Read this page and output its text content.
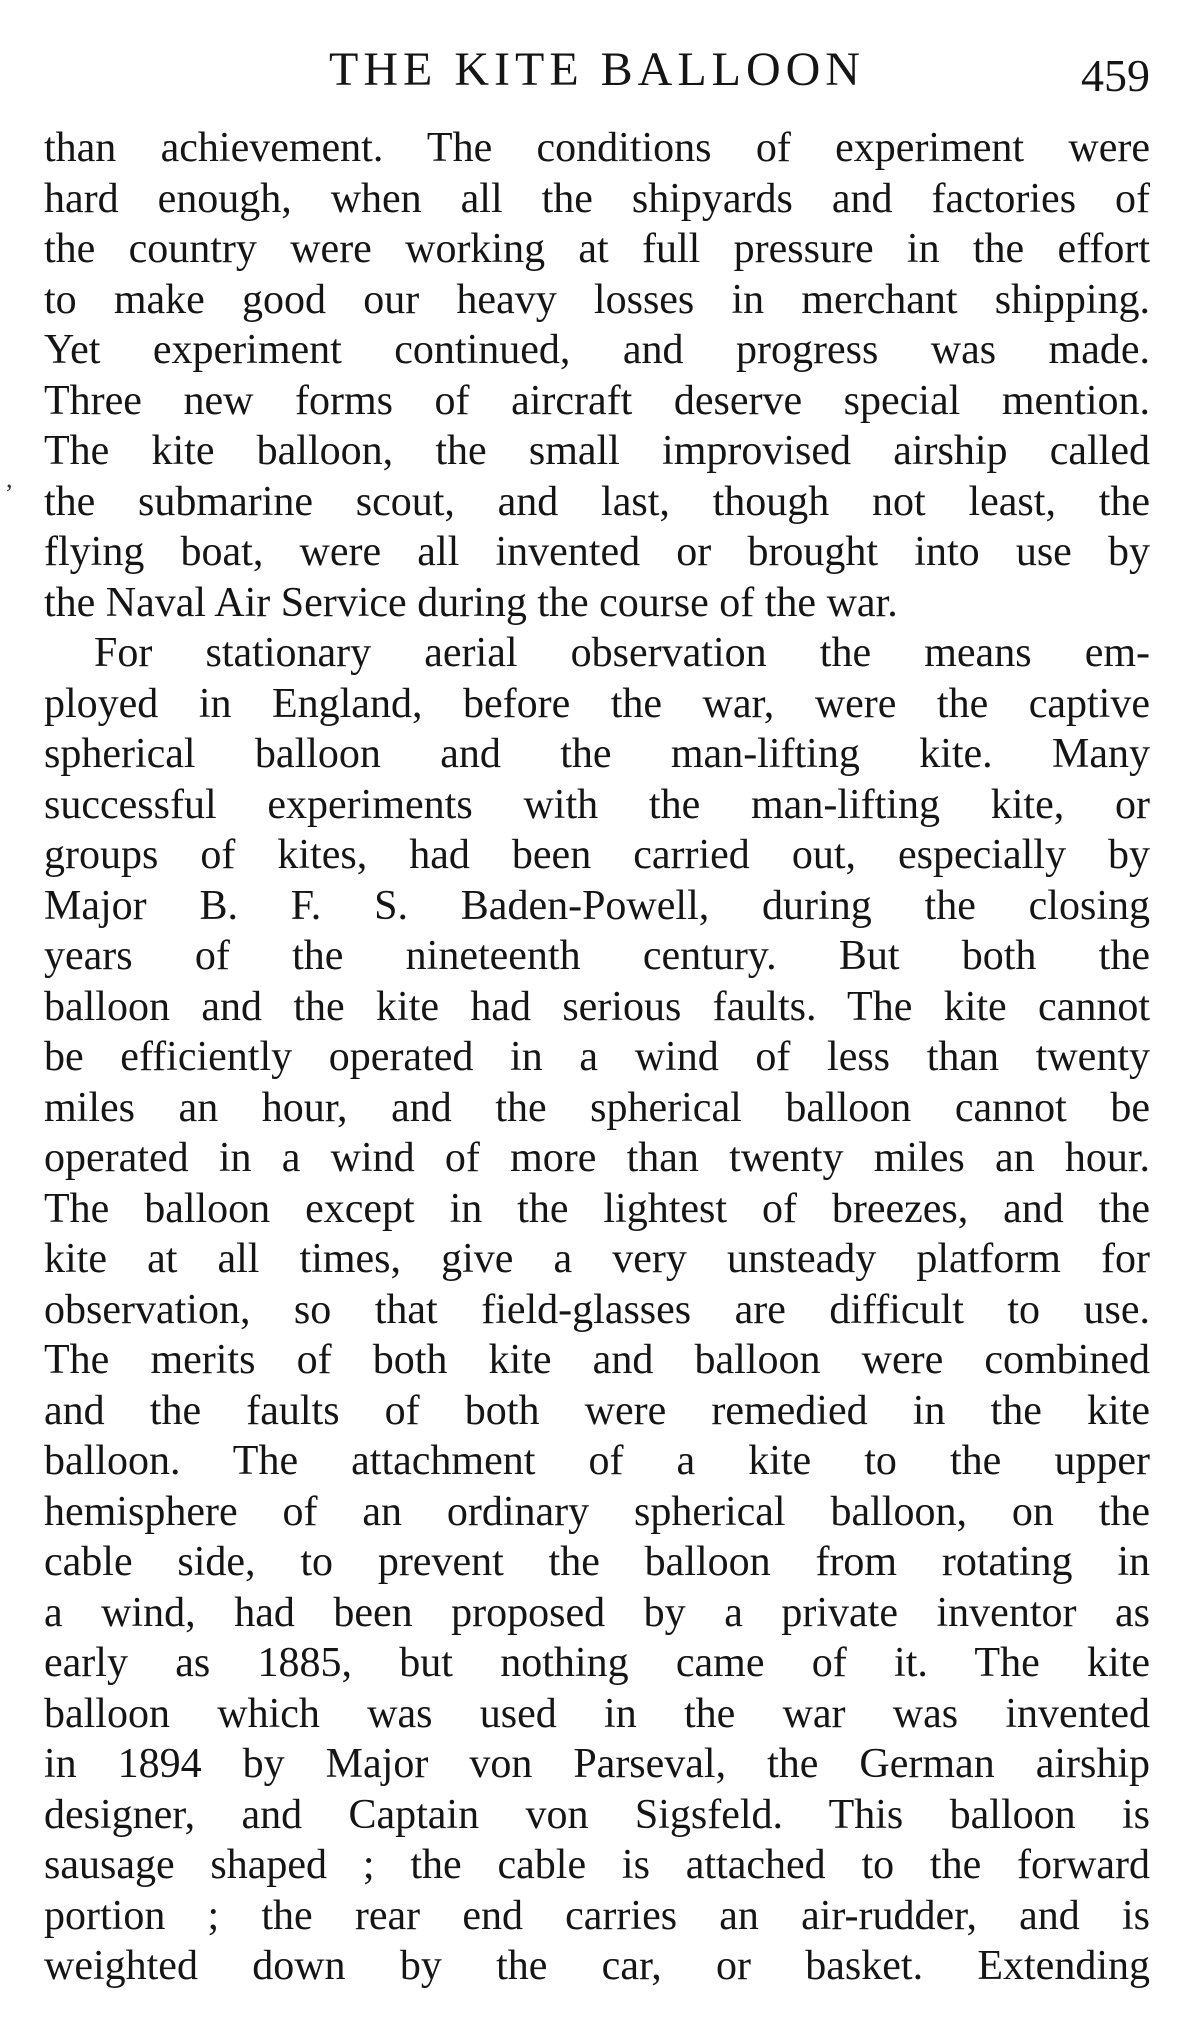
THE KITE BALLOON	459
,
than achievement. The conditions of experiment were
hard enough, when all the shipyards and factories of
the country were working at full pressure in the effort
to make good our heavy losses in merchant shipping.
Yet experiment continued, and progress was made.
Three new forms of aircraft deserve special mention.
The kite balloon, the small improvised airship called
the submarine scout, and last, though not least, the
flying boat, were all invented or brought into use by
the Naval Air Service during the course of the war.
For stationary aerial observation the means em-
ployed in England, before the war, were the captive
spherical balloon and the man-lifting kite. Many
successful experiments with the man-lifting kite, or
groups of kites, had been carried out, especially by
Major B. F. S. Baden-Powell, during the closing
years of the nineteenth century. But both the
balloon and the kite had serious faults. The kite cannot
be efficiently operated in a wind of less than twenty
miles an hour, and the spherical balloon cannot be
operated in a wind of more than twenty miles an hour.
The balloon except in the lightest of breezes, and the
kite at all times, give a very unsteady platform for
observation, so that field-glasses are difficult to use.
The merits of both kite and balloon were combined
and the faults of both were remedied in the kite
balloon. The attachment of a kite to the upper
hemisphere of an ordinary spherical balloon, on the
cable side, to prevent the balloon from rotating in
a wind, had been proposed by a private inventor as
early as 1885, but nothing came of it. The kite
balloon which was used in the war was invented
in 1894 by Major von Parseval, the German airship
designer, and Captain von Sigsfeld. This balloon is
sausage shaped ; the cable is attached to the forward
portion ; the rear end carries an air-rudder, and is
weighted down by the car, or basket. Extending
